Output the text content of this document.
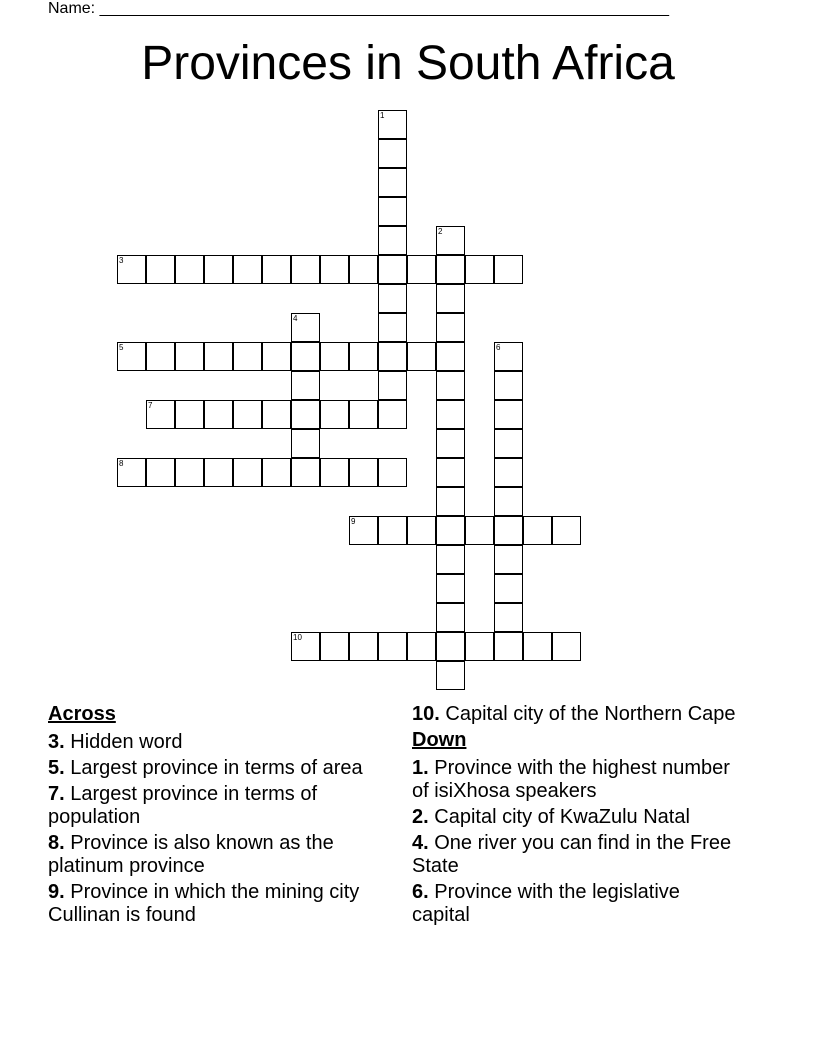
Name: ________________________________________________________________
Provinces in South Africa
1
2
3
4
5	6
7
8
9
10
Across
3. Hidden word
5. Largest province in terms of area
7. Largest province in terms of population
8. Province is also known as the platinum province
9. Province in which the mining city Cullinan is found
10. Capital city of the Northern Cape
Down
1. Province with the highest number of isiXhosa speakers
2. Capital city of KwaZulu Natal
4. One river you can find in the Free State
6. Province with the legislative capital
